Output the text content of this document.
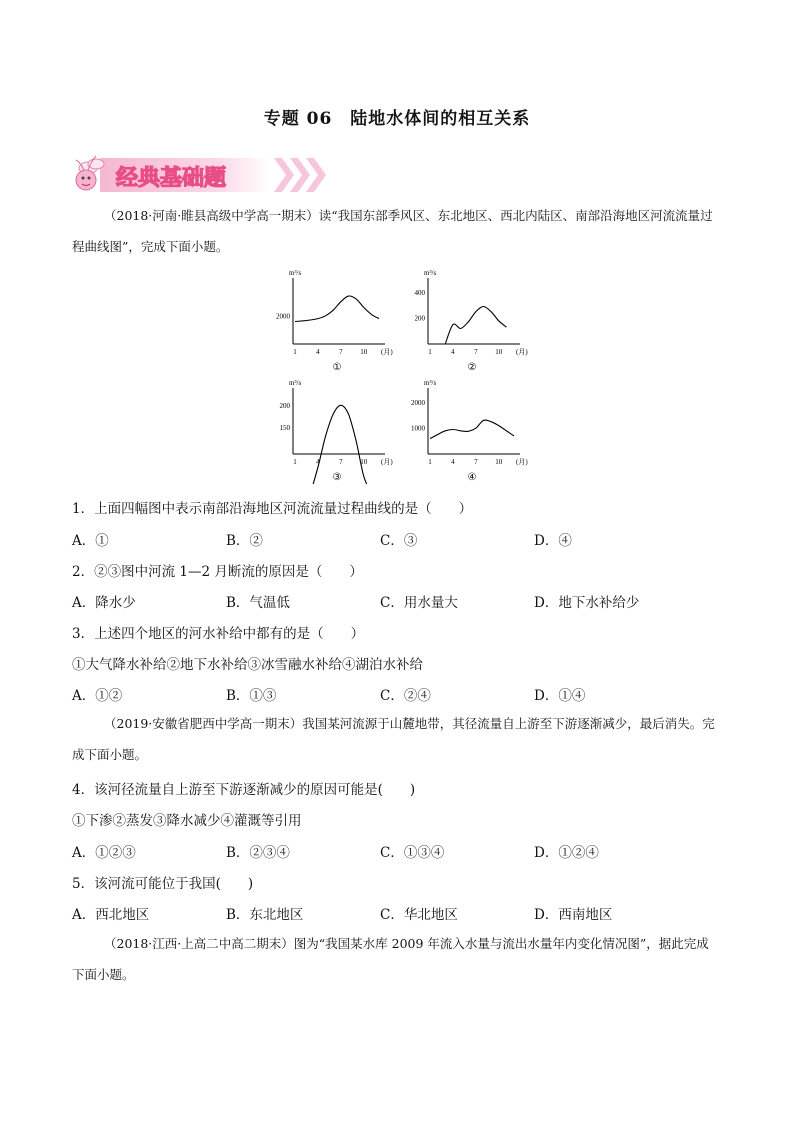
专题 06　陆地水体间的相互关系
经典基础题
（2018·河南·睢县高级中学高一期末）读“我国东部季风区、东北地区、西北内陆区、南部沿海地区河流流量过程曲线图”，完成下面小题。
m³/s
2000
1	4	7	10 (月)
①
m³/s
400
200
1	4	7	10 (月)
②
m³/s
200
150
1	4	7	10 (月)
③
m³/s
2000
1000
1	4	7	10 (月)
④
1．上面四幅图中表示南部沿海地区河流流量过程曲线的是（　　）
A．①	B．②	C．③	D．④
2．②③图中河流 1—2 月断流的原因是（　　）
A．降水少	B．气温低	C．用水量大	D．地下水补给少
3．上述四个地区的河水补给中都有的是（　　）
①大气降水补给②地下水补给③冰雪融水补给④湖泊水补给
A．①②	B．①③	C．②④	D．①④
（2019·安徽省肥西中学高一期末）我国某河流源于山麓地带，其径流量自上游至下游逐渐减少，最后消失。完成下面小题。
4．该河径流量自上游至下游逐渐减少的原因可能是(　　)
①下渗②蒸发③降水减少④灌溉等引用
A．①②③	B．②③④	C．①③④	D．①②④
5．该河流可能位于我国(　　)
A．西北地区	B．东北地区	C．华北地区	D．西南地区
（2018·江西·上高二中高二期末）图为“我国某水库 2009 年流入水量与流出水量年内变化情况图”，据此完成下面小题。
